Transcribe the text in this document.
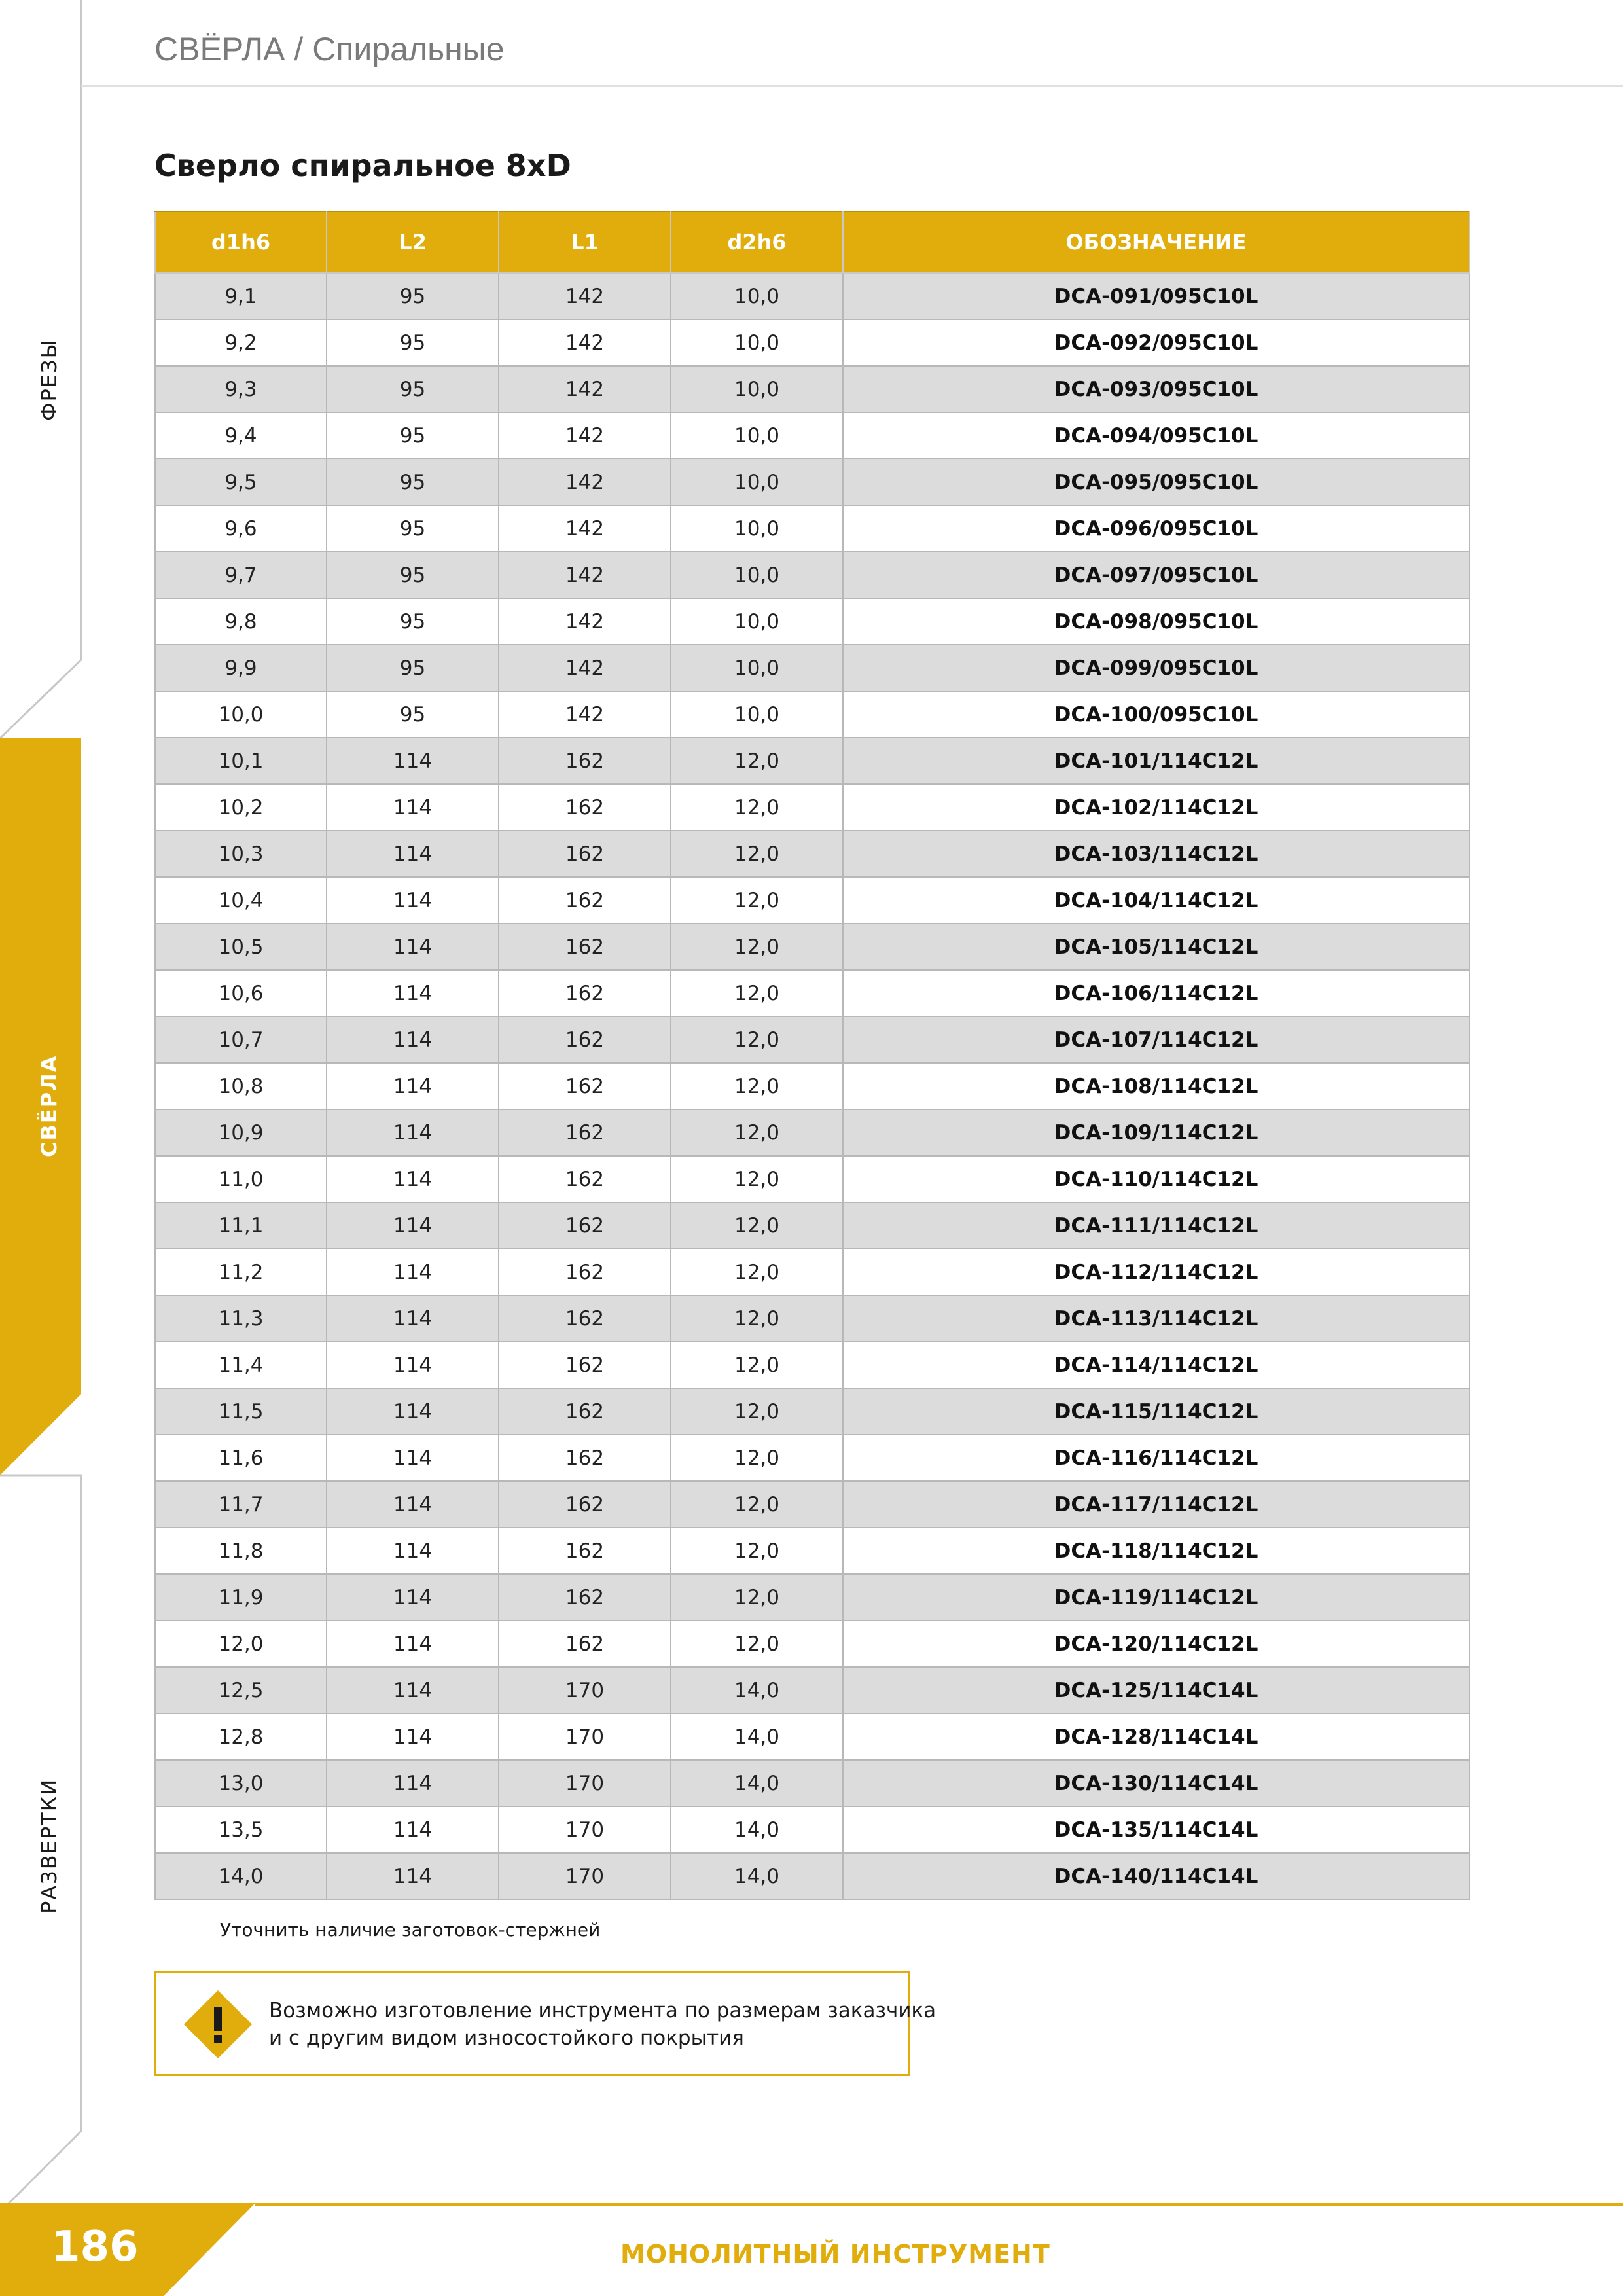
ФРЕЗЫ
СВЁРЛА
РАЗВЕРТКИ
СВЁРЛА / Спиральные
Сверло спиральное 8xD
d1h6	L2	L1	d2h6	ОБОЗНАЧЕНИЕ
9,1	95	142	10,0	DCA-091/095C10L
9,2	95	142	10,0	DCA-092/095C10L
9,3	95	142	10,0	DCA-093/095C10L
9,4	95	142	10,0	DCA-094/095C10L
9,5	95	142	10,0	DCA-095/095C10L
9,6	95	142	10,0	DCA-096/095C10L
9,7	95	142	10,0	DCA-097/095C10L
9,8	95	142	10,0	DCA-098/095C10L
9,9	95	142	10,0	DCA-099/095C10L
10,0	95	142	10,0	DCA-100/095C10L
10,1	114	162	12,0	DCA-101/114C12L
10,2	114	162	12,0	DCA-102/114C12L
10,3	114	162	12,0	DCA-103/114C12L
10,4	114	162	12,0	DCA-104/114C12L
10,5	114	162	12,0	DCA-105/114C12L
10,6	114	162	12,0	DCA-106/114C12L
10,7	114	162	12,0	DCA-107/114C12L
10,8	114	162	12,0	DCA-108/114C12L
10,9	114	162	12,0	DCA-109/114C12L
11,0	114	162	12,0	DCA-110/114C12L
11,1	114	162	12,0	DCA-111/114C12L
11,2	114	162	12,0	DCA-112/114C12L
11,3	114	162	12,0	DCA-113/114C12L
11,4	114	162	12,0	DCA-114/114C12L
11,5	114	162	12,0	DCA-115/114C12L
11,6	114	162	12,0	DCA-116/114C12L
11,7	114	162	12,0	DCA-117/114C12L
11,8	114	162	12,0	DCA-118/114C12L
11,9	114	162	12,0	DCA-119/114C12L
12,0	114	162	12,0	DCA-120/114C12L
12,5	114	170	14,0	DCA-125/114C14L
12,8	114	170	14,0	DCA-128/114C14L
13,0	114	170	14,0	DCA-130/114C14L
13,5	114	170	14,0	DCA-135/114C14L
14,0	114	170	14,0	DCA-140/114C14L
Уточнить наличие заготовок-стержней
Возможно изготовление инструмента по размерам заказчика
и с другим видом износостойкого покрытия
186	МОНОЛИТНЫЙ ИНСТРУМЕНТ
